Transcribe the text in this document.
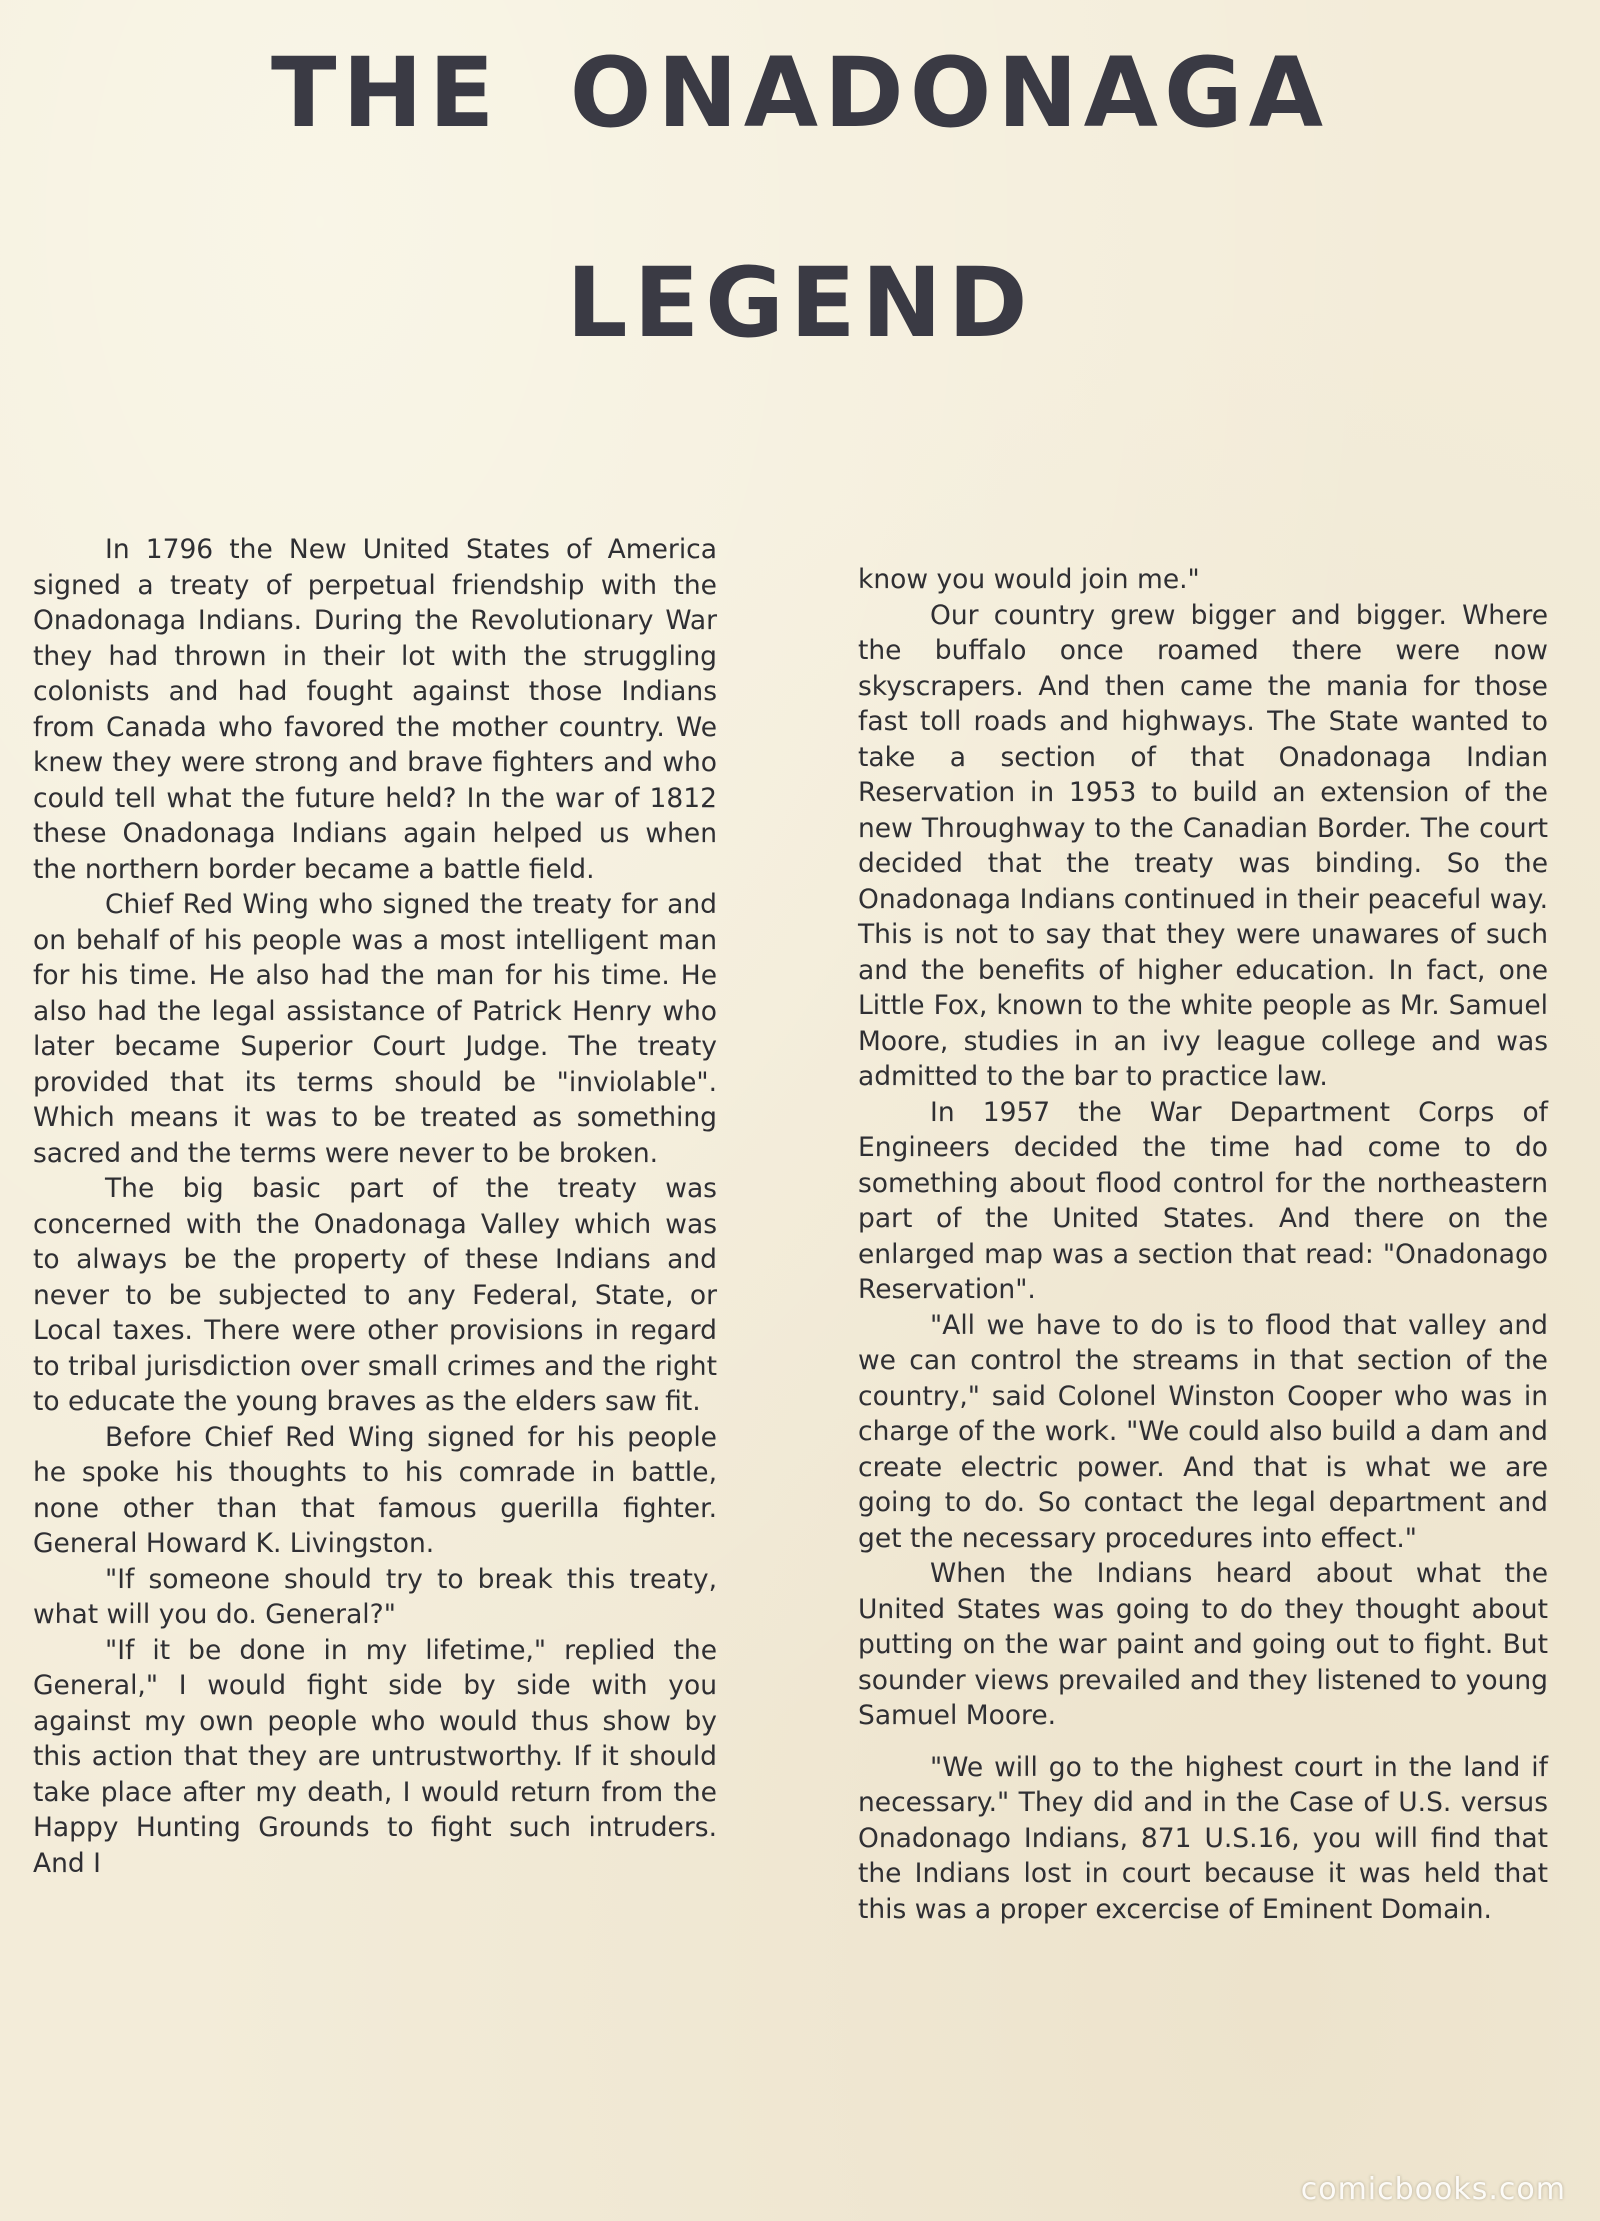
THE ONADONAGA
LEGEND

In 1796 the New United States of America signed a treaty of perpetual friendship with the Onadonaga Indians. During the Revolutionary War they had thrown in their lot with the struggling colonists and had fought against those Indians from Canada who favored the mother country. We knew they were strong and brave fighters and who could tell what the future held? In the war of 1812 these Onadonaga Indians again helped us when the northern border became a battle field.

Chief Red Wing who signed the treaty for and on behalf of his people was a most intelligent man for his time. He also had the man for his time. He also had the legal assistance of Patrick Henry who later became Superior Court Judge. The treaty provided that its terms should be "inviolable". Which means it was to be treated as something sacred and the terms were never to be broken.

The big basic part of the treaty was concerned with the Onadonaga Valley which was to always be the property of these Indians and never to be subjected to any Federal, State, or Local taxes. There were other provisions in regard to tribal jurisdiction over small crimes and the right to educate the young braves as the elders saw fit.

Before Chief Red Wing signed for his people he spoke his thoughts to his comrade in battle, none other than that famous guerilla fighter. General Howard K. Livingston.

"If someone should try to break this treaty, what will you do. General?"

"If it be done in my lifetime," replied the General," I would fight side by side with you against my own people who would thus show by this action that they are untrustworthy. If it should take place after my death, I would return from the Happy Hunting Grounds to fight such intruders. And I

know you would join me."

Our country grew bigger and bigger. Where the buffalo once roamed there were now skyscrapers. And then came the mania for those fast toll roads and highways. The State wanted to take a section of that Onadonaga Indian Reservation in 1953 to build an extension of the new Throughway to the Canadian Border. The court decided that the treaty was binding. So the Onadonaga Indians continued in their peaceful way. This is not to say that they were unawares of such and the benefits of higher education. In fact, one Little Fox, known to the white people as Mr. Samuel Moore, studies in an ivy league college and was admitted to the bar to practice law.

In 1957 the War Department Corps of Engineers decided the time had come to do something about flood control for the northeastern part of the United States. And there on the enlarged map was a section that read: "Onadonago Reservation".

"All we have to do is to flood that valley and we can control the streams in that section of the country," said Colonel Winston Cooper who was in charge of the work. "We could also build a dam and create electric power. And that is what we are going to do. So contact the legal department and get the necessary procedures into effect."

When the Indians heard about what the United States was going to do they thought about putting on the war paint and going out to fight. But sounder views prevailed and they listened to young Samuel Moore.

"We will go to the highest court in the land if necessary." They did and in the Case of U.S. versus Onadonago Indians, 871 U.S.16, you will find that the Indians lost in court because it was held that this was a proper excercise of Eminent Domain.

comicbooks.com
